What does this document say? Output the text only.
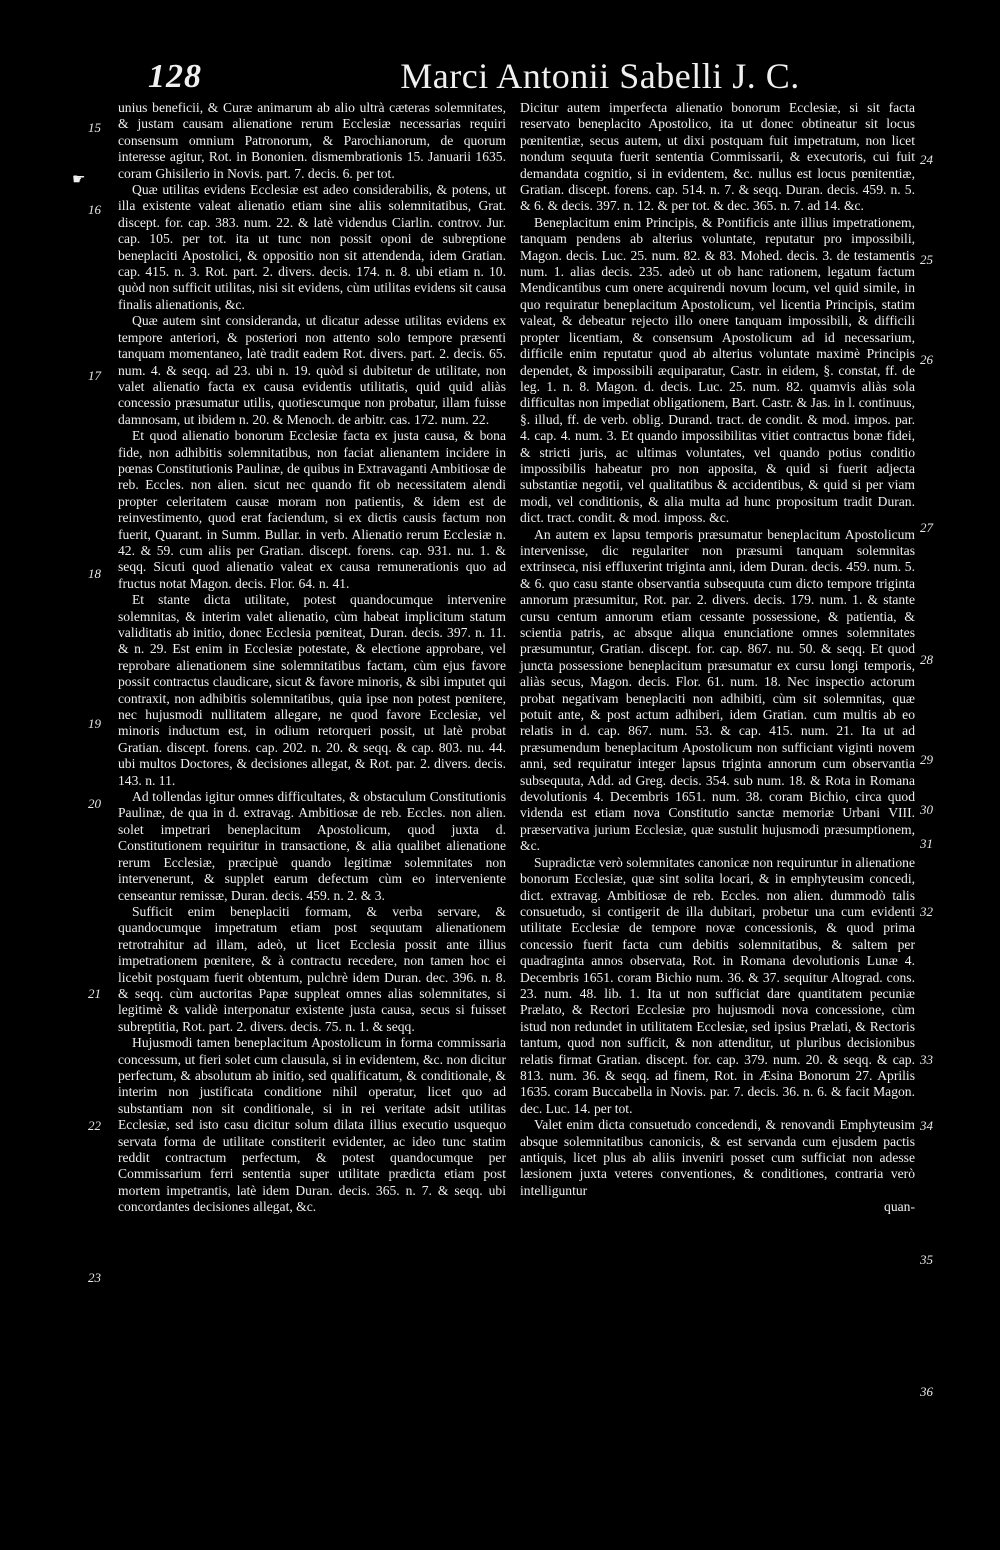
128	Marci Antonii Sabelli J. C.

unius beneficii, & Curæ animarum ab alio ultrà cæteras solemnitates, & justam causam alienatione rerum Ecclesiæ necessarias requiri consensum omnium Patronorum, & Parochianorum, de quorum interesse agitur, Rot. in Bononien. dismembrationis 15. Januarii 1635. coram Ghisilerio in Novis. part. 7. decis. 6. per tot.

Quæ utilitas evidens Ecclesiæ est adeo considerabilis, & potens, ut illa existente valeat alienatio etiam sine aliis solemnitatibus, Grat. discept. for. cap. 383. num. 22. & latè videndus Ciarlin. controv. Jur. cap. 105. per tot. ita ut tunc non possit oponi de subreptione beneplaciti Apostolici, & oppositio non sit attendenda, idem Gratian. cap. 415. n. 3. Rot. part. 2. divers. decis. 174. n. 8. ubi etiam n. 10. quòd non sufficit utilitas, nisi sit evidens, cùm utilitas evidens sit causa finalis alienationis, &c.

Quæ autem sint consideranda, ut dicatur adesse utilitas evidens ex tempore anteriori, & posteriori non attento solo tempore præsenti tanquam momentaneo, latè tradit eadem Rot. divers. part. 2. decis. 65. num. 4. & seqq. ad 23. ubi n. 19. quòd si dubitetur de utilitate, non valet alienatio facta ex causa evidentis utilitatis, quid quid aliàs concessio præsumatur utilis, quotiescumque non probatur, illam fuisse damnosam, ut ibidem n. 20. & Menoch. de arbitr. cas. 172. num. 22.

Et quod alienatio bonorum Ecclesiæ facta ex justa causa, & bona fide, non adhibitis solemnitatibus, non faciat alienantem incidere in pœnas Constitutionis Paulinæ, de quibus in Extravaganti Ambitiosæ de reb. Eccles. non alien. sicut nec quando fit ob necessitatem alendi propter celeritatem causæ moram non patientis, & idem est de reinvestimento, quod erat faciendum, si ex dictis causis factum non fuerit, Quarant. in Summ. Bullar. in verb. Alienatio rerum Ecclesiæ n. 42. & 59. cum aliis per Gratian. discept. forens. cap. 931. nu. 1. & seqq. Sicuti quod alienatio valeat ex causa remunerationis quo ad fructus notat Magon. decis. Flor. 64. n. 41.

Et stante dicta utilitate, potest quandocumque intervenire solemnitas, & interim valet alienatio, cùm habeat implicitum statum validitatis ab initio, donec Ecclesia pœniteat, Duran. decis. 397. n. 11. & n. 29. Est enim in Ecclesiæ potestate, & electione approbare, vel reprobare alienationem sine solemnitatibus factam, cùm ejus favore possit contractus claudicare, sicut & favore minoris, & sibi imputet qui contraxit, non adhibitis solemnitatibus, quia ipse non potest pœnitere, nec hujusmodi nullitatem allegare, ne quod favore Ecclesiæ, vel minoris inductum est, in odium retorqueri possit, ut latè probat Gratian. discept. forens. cap. 202. n. 20. & seqq. & cap. 803. nu. 44. ubi multos Doctores, & decisiones allegat, & Rot. par. 2. divers. decis. 143. n. 11.

Ad tollendas igitur omnes difficultates, & obstaculum Constitutionis Paulinæ, de qua in d. extravag. Ambitiosæ de reb. Eccles. non alien. solet impetrari beneplacitum Apostolicum, quod juxta d. Constitutionem requiritur in transactione, & alia qualibet alienatione rerum Ecclesiæ, præcipuè quando legitimæ solemnitates non intervenerunt, & supplet earum defectum cùm eo interveniente censeantur remissæ, Duran. decis. 459. n. 2. & 3.

Sufficit enim beneplaciti formam, & verba servare, & quandocumque impetratum etiam post sequutam alienationem retrotrahitur ad illam, adeò, ut licet Ecclesia possit ante illius impetrationem pœnitere, & à contractu recedere, non tamen hoc ei licebit postquam fuerit obtentum, pulchrè idem Duran. dec. 396. n. 8. & seqq. cùm auctoritas Papæ suppleat omnes alias solemnitates, si legitimè & validè interponatur existente justa causa, secus si fuisset subreptitia, Rot. part. 2. divers. decis. 75. n. 1. & seqq.

Hujusmodi tamen beneplacitum Apostolicum in forma commissaria concessum, ut fieri solet cum clausula, si in evidentem, &c. non dicitur perfectum, & absolutum ab initio, sed qualificatum, & conditionale, & interim non justificata conditione nihil operatur, licet quo ad substantiam non sit conditionale, si in rei veritate adsit utilitas Ecclesiæ, sed isto casu dicitur solum dilata illius executio usquequo servata forma de utilitate constiterit evidenter, ac ideo tunc statim reddit contractum perfectum, & potest quandocumque per Commissarium ferri sententia super utilitate prædicta etiam post mortem impetrantis, latè idem Duran. decis. 365. n. 7. & seqq. ubi concordantes decisiones allegat, &c.

Dicitur autem imperfecta alienatio bonorum Ecclesiæ, si sit facta reservato beneplacito Apostolico, ita ut donec obtineatur sit locus pœnitentiæ, secus autem, ut dixi postquam fuit impetratum, non licet nondum sequuta fuerit sententia Commissarii, & executoris, cui fuit demandata cognitio, si in evidentem, &c. nullus est locus pœnitentiæ, Gratian. discept. forens. cap. 514. n. 7. & seqq. Duran. decis. 459. n. 5. & 6. & decis. 397. n. 12. & per tot. & dec. 365. n. 7. ad 14. &c.

Beneplacitum enim Principis, & Pontificis ante illius impetrationem, tanquam pendens ab alterius voluntate, reputatur pro impossibili, Magon. decis. Luc. 25. num. 82. & 83. Mohed. decis. 3. de testamentis num. 1. alias decis. 235. adeò ut ob hanc rationem, legatum factum Mendicantibus cum onere acquirendi novum locum, vel quid simile, in quo requiratur beneplacitum Apostolicum, vel licentia Principis, statim valeat, & debeatur rejecto illo onere tanquam impossibili, & difficili propter licentiam, & consensum Apostolicum ad id necessarium, difficile enim reputatur quod ab alterius voluntate maximè Principis dependet, & impossibili æquiparatur, Castr. in eidem, §. constat, ff. de leg. 1. n. 8. Magon. d. decis. Luc. 25. num. 82. quamvis aliàs sola difficultas non impediat obligationem, Bart. Castr. & Jas. in l. continuus, §. illud, ff. de verb. oblig. Durand. tract. de condit. & mod. impos. par. 4. cap. 4. num. 3. Et quando impossibilitas vitiet contractus bonæ fidei, & stricti juris, ac ultimas voluntates, vel quando potius conditio impossibilis habeatur pro non apposita, & quid si fuerit adjecta substantiæ negotii, vel qualitatibus & accidentibus, & quid si per viam modi, vel conditionis, & alia multa ad hunc propositum tradit Duran. dict. tract. condit. & mod. imposs. &c.

An autem ex lapsu temporis præsumatur beneplacitum Apostolicum intervenisse, dic regulariter non præsumi tanquam solemnitas extrinseca, nisi effluxerint triginta anni, idem Duran. decis. 459. num. 5. & 6. quo casu stante observantia subsequuta cum dicto tempore triginta annorum præsumitur, Rot. par. 2. divers. decis. 179. num. 1. & stante cursu centum annorum etiam cessante possessione, & patientia, & scientia patris, ac absque aliqua enunciatione omnes solemnitates præsumuntur, Gratian. discept. for. cap. 867. nu. 50. & seqq. Et quod juncta possessione beneplacitum præsumatur ex cursu longi temporis, aliàs secus, Magon. decis. Flor. 61. num. 18. Nec inspectio actorum probat negativam beneplaciti non adhibiti, cùm sit solemnitas, quæ potuit ante, & post actum adhiberi, idem Gratian. cum multis ab eo relatis in d. cap. 867. num. 53. & cap. 415. num. 21. Ita ut ad præsumendum beneplacitum Apostolicum non sufficiant viginti novem anni, sed requiratur integer lapsus triginta annorum cum observantia subsequuta, Add. ad Greg. decis. 354. sub num. 18. & Rota in Romana devolutionis 4. Decembris 1651. num. 38. coram Bichio, circa quod videnda est etiam nova Constitutio sanctæ memoriæ Urbani VIII. præservativa jurium Ecclesiæ, quæ sustulit hujusmodi præsumptionem, &c.

Supradictæ verò solemnitates canonicæ non requiruntur in alienatione bonorum Ecclesiæ, quæ sint solita locari, & in emphyteusim concedi, dict. extravag. Ambitiosæ de reb. Eccles. non alien. dummodò talis consuetudo, si contigerit de illa dubitari, probetur una cum evidenti utilitate Ecclesiæ de tempore novæ concessionis, & quod prima concessio fuerit facta cum debitis solemnitatibus, & saltem per quadraginta annos observata, Rot. in Romana devolutionis Lunæ 4. Decembris 1651. coram Bichio num. 36. & 37. sequitur Altograd. cons. 23. num. 48. lib. 1. Ita ut non sufficiat dare quantitatem pecuniæ Prælato, & Rectori Ecclesiæ pro hujusmodi nova concessione, cùm istud non redundet in utilitatem Ecclesiæ, sed ipsius Prælati, & Rectoris tantum, quod non sufficit, & non attenditur, ut pluribus decisionibus relatis firmat Gratian. discept. for. cap. 379. num. 20. & seqq. & cap. 813. num. 36. & seqq. ad finem, Rot. in Æsina Bonorum 27. Aprilis 1635. coram Buccabella in Novis. par. 7. decis. 36. n. 6. & facit Magon. dec. Luc. 14. per tot.

Valet enim dicta consuetudo concedendi, & renovandi Emphyteusim absque solemnitatibus canonicis, & est servanda cum ejusdem pactis antiquis, licet plus ab aliis inveniri posset cum sufficiat non adesse læsionem juxta veteres conventiones, & conditiones, contraria verò intelliguntur

quan-

☛
15
16
17
18
19
20
21
22
23
24
25
26
27
28
29
30
31
32
33
34
35
36
